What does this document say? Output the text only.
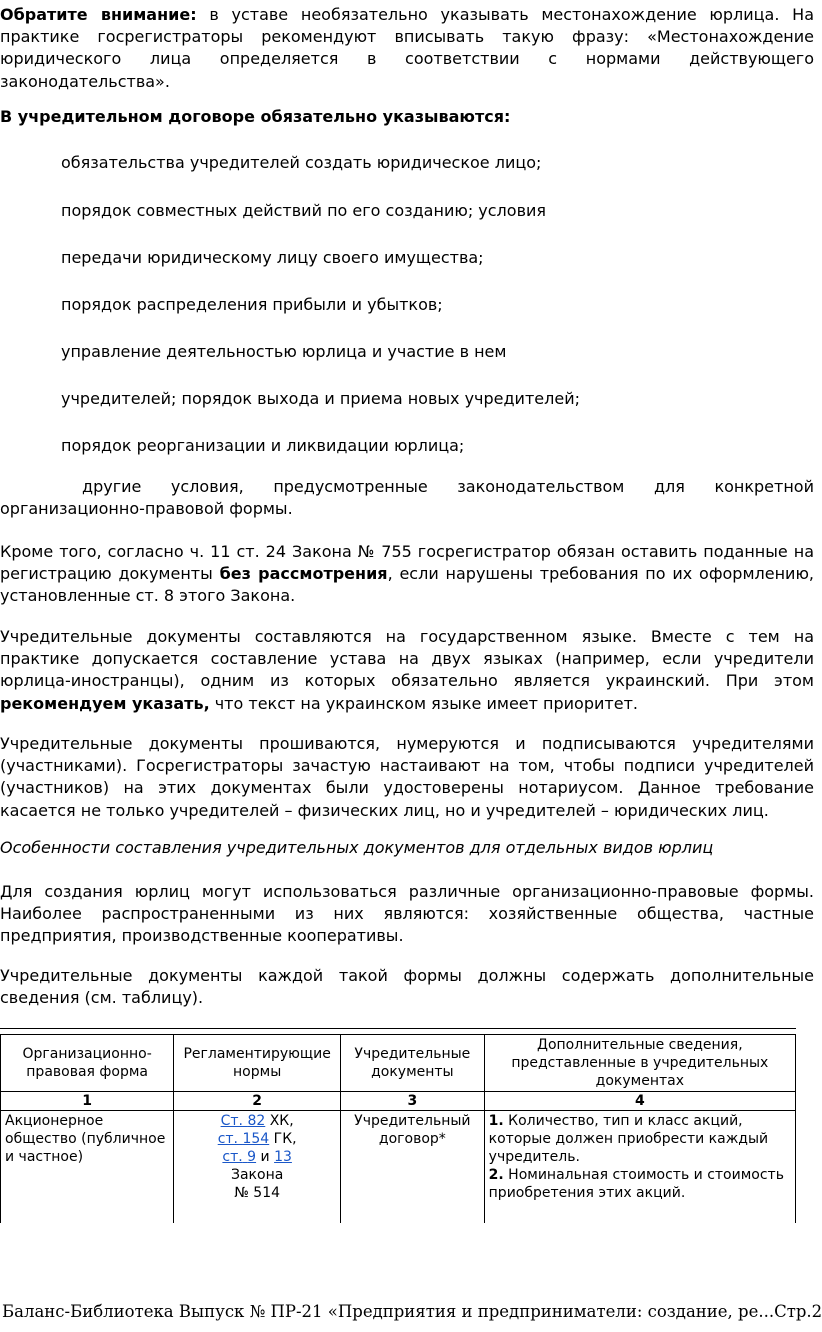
Обратите внимание: в уставе необязательно указывать местонахождение юрлица. На практике госрегистраторы рекомендуют вписывать такую фразу: «Местонахождение юридического лица определяется в соответствии с нормами действующего законодательства».

В учредительном договоре обязательно указываются:

обязательства учредителей создать юридическое лицо;

порядок совместных действий по его созданию; условия

передачи юридическому лицу своего имущества;

порядок распределения прибыли и убытков;

управление деятельностью юрлица и участие в нем

учредителей; порядок выхода и приема новых учредителей;

порядок реорганизации и ликвидации юрлица;

другие условия, предусмотренные законодательством для конкретной организационно-правовой формы.

Кроме того, согласно ч. 11 ст. 24 Закона № 755 госрегистратор обязан оставить поданные на регистрацию документы без рассмотрения, если нарушены требования по их оформлению, установленные ст. 8 этого Закона.

Учредительные документы составляются на государственном языке. Вместе с тем на практике допускается составление устава на двух языках (например, если учредители юрлица-иностранцы), одним из которых обязательно является украинский. При этом рекомендуем указать, что текст на украинском языке имеет приоритет.

Учредительные документы прошиваются, нумеруются и подписываются учредителями (участниками). Госрегистраторы зачастую настаивают на том, чтобы подписи учредителей (участников) на этих документах были удостоверены нотариусом. Данное требование касается не только учредителей – физических лиц, но и учредителей – юридических лиц.

Особенности составления учредительных документов для отдельных видов юрлиц

Для создания юрлиц могут использоваться различные организационно-правовые формы. Наиболее распространенными из них являются: хозяйственные общества, частные предприятия, производственные кооперативы.

Учредительные документы каждой такой формы должны содержать дополнительные сведения (см. таблицу).

Организационно-правовая форма	Регламентирующие нормы	Учредительные документы	Дополнительные сведения, представленные в учредительных документах
1	2	3	4
Акционерное общество (публичное и частное)	Ст. 82 ХК,
ст. 154 ГК,
ст. 9 и 13
Закона
№ 514	Учредительный договор*	1. Количество, тип и класс акций, которые должен приобрести каждый учредитель.
2. Номинальная стоимость и стоимость приобретения этих акций.
Баланс-Библиотека Выпуск № ПР-21 «Предприятия и предприниматели: создание, ре... Стр.2
